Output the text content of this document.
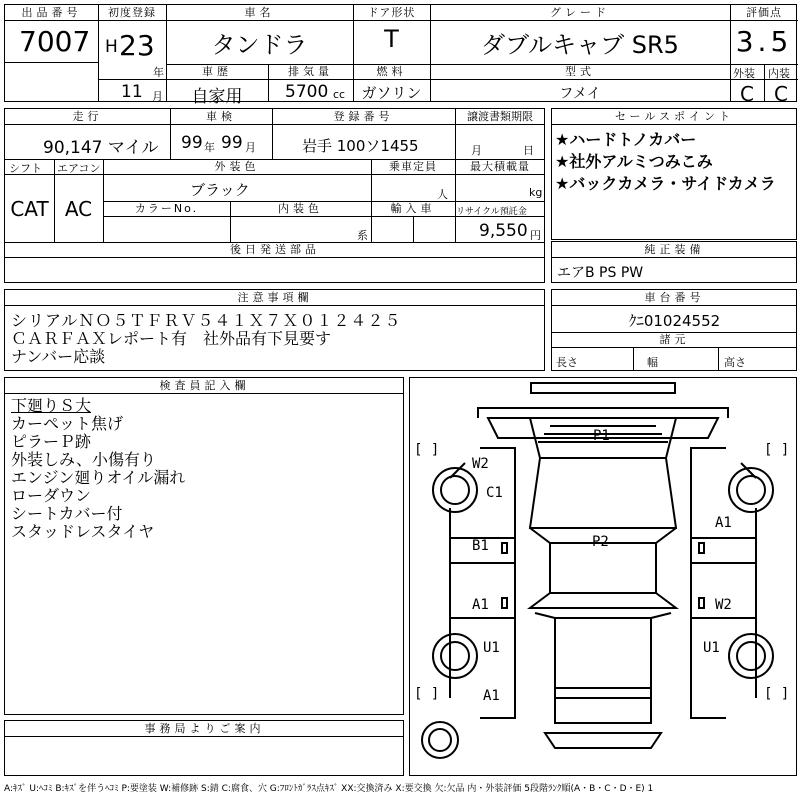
出品番号
7007
初度登録
H 23
年
11 月
車名
タンドラ
ドア形状
T
グレード
ダブルキャブ SR5
評価点
3.5
外装 内装
C	C
車歴
自家用
排気量
5700 cc
燃料
ガソリン
型式
フメイ
走行
90,147 マイル
車検
99 年 99 月
登録番号
岩手 100ソ1455
譲渡書類期限
月	日
シフト エアコン
CAT AC
外装色
ブラック
乗車定員
人
最大積載量
kg
カラーNo.	内装色
系
輸入車	リサイクル預託金
9,550 円
後日発送部品
セールスポイント
★ハードトノカバー
★社外アルミつみこみ
★バックカメラ・サイドカメラ
純正装備
エアB PS PW
注意事項欄
シリアルＮＯ５ＴＦＲＶ５４１Ｘ７Ｘ０１２４２５
ＣＡＲＦＡＸレポート有　社外品有下見要す
ナンバー応談
車台番号
ｸﾆ01024552
諸元
長さ	幅	高さ
検査員記入欄
下廻りＳ大
カーペット焦げ
ピラーＰ跡
外装しみ、小傷有り
エンジン廻りオイル漏れ
ローダウン
シートカバー付
スタッドレスタイヤ
[ ]	[ ]
[ ]	[ ]
P1
W2
C1
A1
B1	P2
A1	W2
U1	U1
A1
事務局よりご案内
A:ｷｽﾞ U:ﾍｺﾐ B:ｷｽﾞを伴うﾍｺﾐ P:要塗装 W:補修跡 S:錆 C:腐食、穴 G:ﾌﾛﾝﾄｶﾞﾗｽ点ｷｽﾞ XX:交換済み X:要交換 欠:欠品 内・外装評価 5段階ﾗﾝｸ順(A・B・C・D・E) 1
